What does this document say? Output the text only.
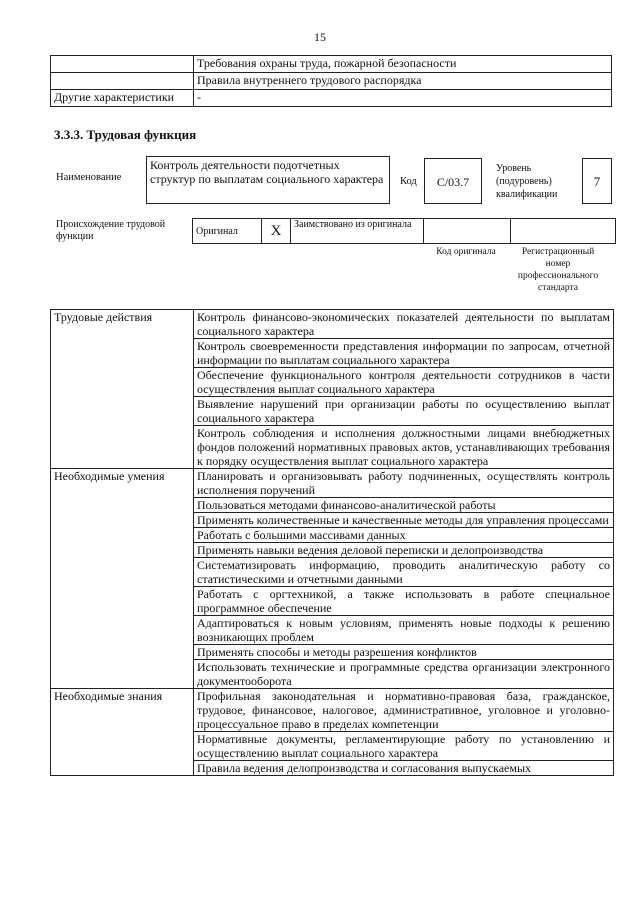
15
	Требования охраны труда, пожарной безопасности
	Правила внутреннего трудового распорядка
Другие характеристики	-
3.3.3. Трудовая функция
Наименование
Контроль деятельности подотчетных структур по выплатам социального характера	Код	С/03.7
Уровень (подуровень) квалификации
7
Происхождение трудовой функции	Оригинал	X	Заимствовано из оригинала		
Код оригинала	Регистрационный номер профессионального стандарта
Трудовые действия	Контроль финансово-экономических показателей деятельности по выплатам социального характера
	Контроль своевременности представления информации по запросам, отчетной информации по выплатам социального характера
	Обеспечение функционального контроля деятельности сотрудников в части осуществления выплат социального характера
	Выявление нарушений при организации работы по осуществлению выплат социального характера
	Контроль соблюдения и исполнения должностными лицами внебюджетных фондов положений нормативных правовых актов, устанавливающих требования к порядку осуществления выплат социального характера
Необходимые умения	Планировать и организовывать работу подчиненных, осуществлять контроль исполнения поручений
	Пользоваться методами финансово-аналитической работы
	Применять количественные и качественные методы для управления процессами
	Работать с большими массивами данных
	Применять навыки ведения деловой переписки и делопроизводства
	Систематизировать информацию, проводить аналитическую работу со статистическими и отчетными данными
	Работать с оргтехникой, а также использовать в работе специальное программное обеспечение
	Адаптироваться к новым условиям, применять новые подходы к решению возникающих проблем
	Применять способы и методы разрешения конфликтов
	Использовать технические и программные средства организации электронного документооборота
Необходимые знания	Профильная законодательная и нормативно-правовая база, гражданское, трудовое, финансовое, налоговое, административное, уголовное и уголовно-процессуальное право в пределах компетенции
	Нормативные документы, регламентирующие работу по установлению и осуществлению выплат социального характера
	Правила ведения делопроизводства и согласования выпускаемых
